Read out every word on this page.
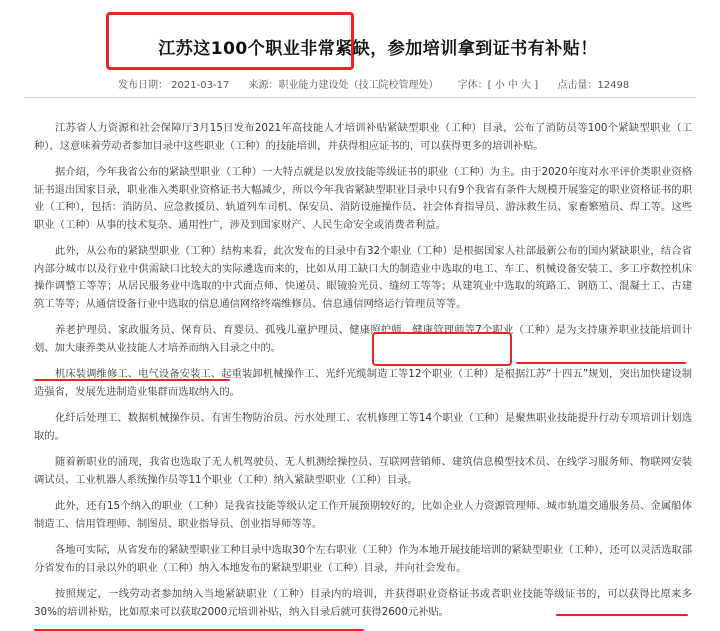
江苏这100个职业非常紧缺，参加培训拿到证书有补贴！
发布日期： 2021-03-17 来源：职业能力建设处（技工院校管理处） 字体：[ 小 中 大 ] 点击量：12498

江苏省人力资源和社会保障厅3月15日发布2021年高技能人才培训补贴紧缺型职业（工种）目录，公布了消防员等100个紧缺型职业（工种），这意味着劳动者参加目录中这些职业（工种）的技能培训，并获得相应证书的，可以获得更多的培训补贴。

据介绍，今年我省公布的紧缺型职业（工种）一大特点就是以发放技能等级证书的职业（工种）为主。由于2020年度对水平评价类职业资格证书退出国家目录，职业准入类职业资格证书大幅减少，所以今年我省紧缺型职业目录中只有9个我省有条件大规模开展鉴定的职业资格证书的职业（工种），包括：消防员、应急救援员、轨道列车司机、保安员、消防设施操作员、社会体育指导员、游泳救生员、家畜繁殖员、焊工等。这些职业（工种）从事的技术复杂、通用性广，涉及到国家财产、人民生命安全或消费者利益。

此外，从公布的紧缺型职业（工种）结构来看，此次发布的目录中有32个职业（工种）是根据国家人社部最新公布的国内紧缺职业，结合省内部分城市以及行业中供需缺口比较大的实际遴选而来的，比如从用工缺口大的制造业中选取的电工、车工、机械设备安装工、多工序数控机床操作调整工等等；从居民服务业中选取的中式面点师、快递员、眼镜验光员、缝纫工等等；从建筑业中选取的筑路工、钢筋工、混凝土工、古建筑工等等；从通信设备行业中选取的信息通信网络终端维修员、信息通信网络运行管理员等等。

养老护理员、家政服务员、保育员、育婴员、孤残儿童护理员、健康照护师、健康管理师等7个职业（工种）是为支持康养职业技能培训计划、加大康养类从业技能人才培养而纳入目录之中的。

机床装调维修工、电气设备安装工、起重装卸机械操作工、光纤光缆制造工等12个职业（工种）是根据江苏“十四五”规划，突出加快建设制造强省，发展先进制造业集群而选取纳入的。

化纤后处理工、数据机械操作员、有害生物防治员、污水处理工、农机修理工等14个职业（工种）是聚焦职业技能提升行动专项培训计划选取的。

随着新职业的涌现，我省也选取了无人机驾驶员、无人机测绘操控员、互联网营销师、建筑信息模型技术员、在线学习服务师、物联网安装调试员、工业机器人系统操作员等11个职业（工种）纳入紧缺型职业（工种）目录。

此外，还有15个纳入的职业（工种）是我省技能等级认定工作开展预期较好的，比如企业人力资源管理师、城市轨道交通服务员、金属船体制造工、信用管理师、制图员、职业指导员、创业指导师等等。

各地可实际，从省发布的紧缺型职业工种目录中选取30个左右职业（工种）作为本地开展技能培训的紧缺型职业（工种），还可以灵活选取部分省发布的目录以外的职业（工种）纳入本地发布的紧缺型职业（工种）目录，并向社会发布。

按照规定，一线劳动者参加纳入当地紧缺职业（工种）目录内的培训，并获得职业资格证书或者职业技能等级证书的，可以获得比原来多30%的培训补贴，比如原来可以获取2000元培训补贴，纳入目录后就可获得2600元补贴。
